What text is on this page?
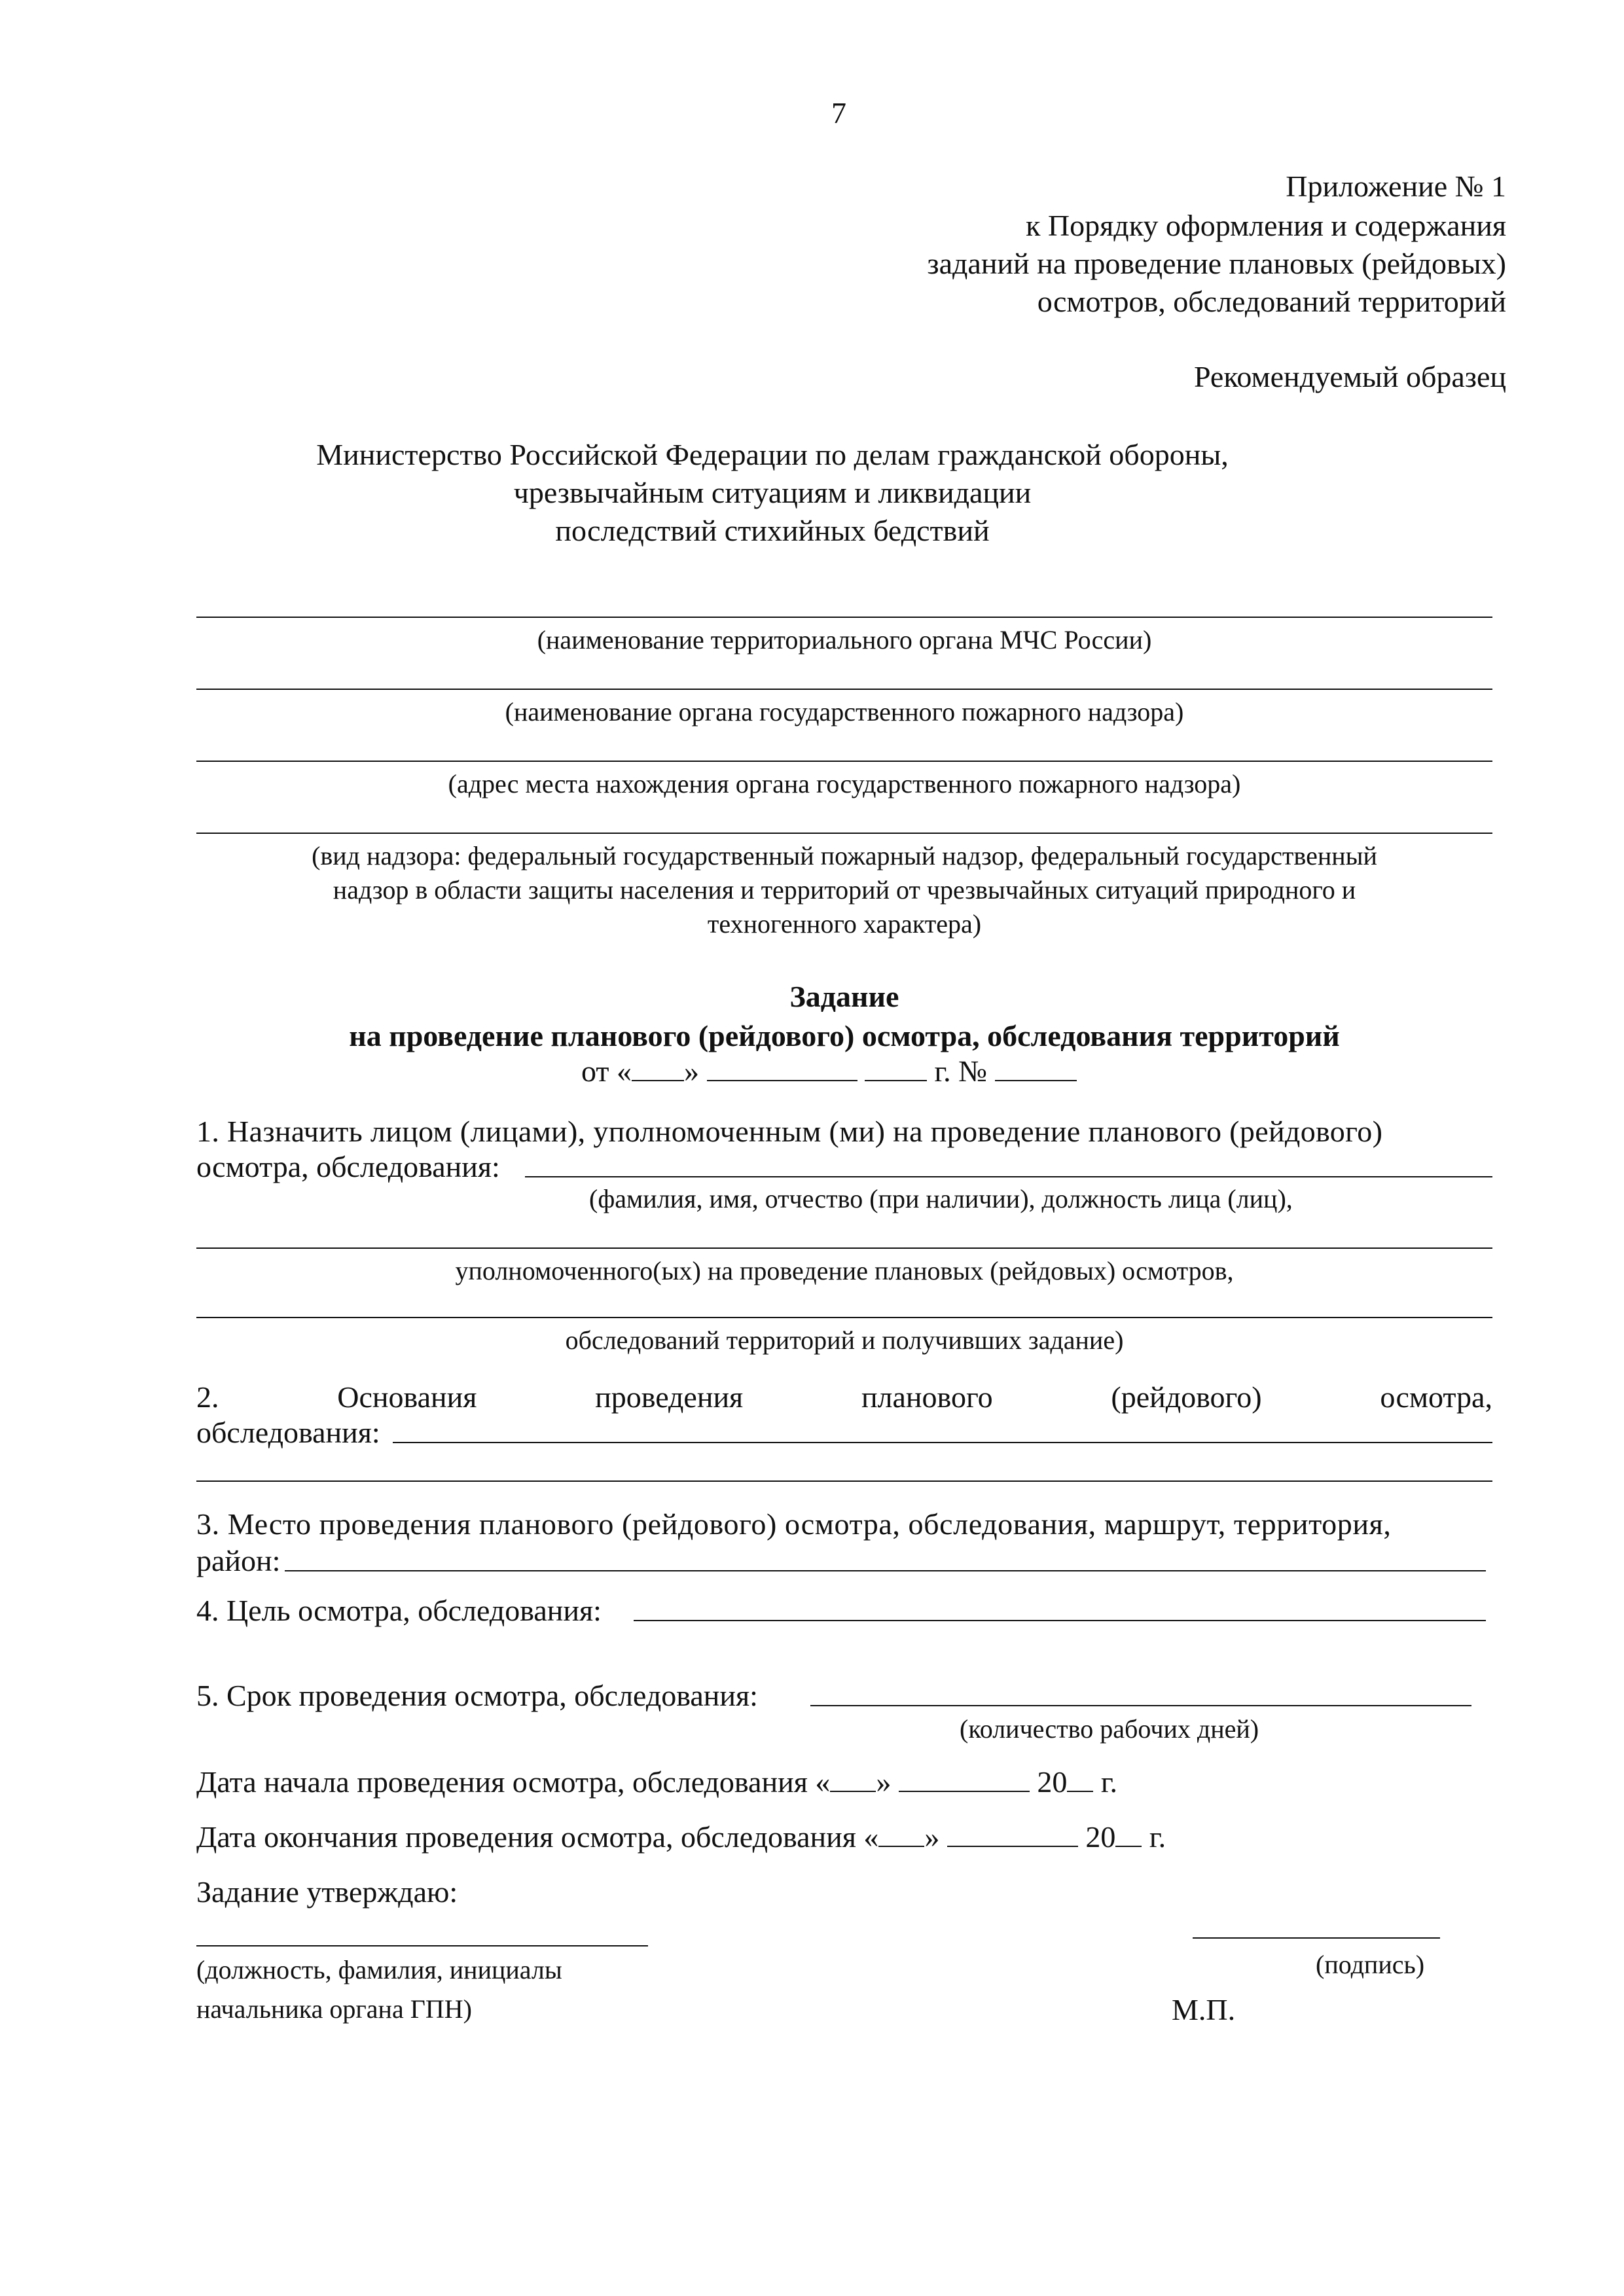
7
Приложение № 1
к Порядку оформления и содержания
заданий на проведение плановых (рейдовых)
осмотров, обследований территорий
Рекомендуемый образец
Министерство Российской Федерации по делам гражданской обороны,
чрезвычайным ситуациям и ликвидации
последствий стихийных бедствий
(наименование территориального органа МЧС России)
(наименование органа государственного пожарного надзора)
(адрес места нахождения органа государственного пожарного надзора)
(вид надзора: федеральный государственный пожарный надзор, федеральный государственный
надзор в области защиты населения и территорий от чрезвычайных ситуаций природного и
техногенного характера)
Задание
на проведение планового (рейдового) осмотра, обследования территорий
от « »	г. №
1. Назначить лицом (лицами), уполномоченным (ми) на проведение планового (рейдового)
осмотра, обследования:
(фамилия, имя, отчество (при наличии), должность лица (лиц),
уполномоченного(ых) на проведение плановых (рейдовых) осмотров,
обследований территорий и получивших задание)
2.	Основания	проведения	планового	(рейдового)	осмотра,
обследования:
3. Место проведения планового (рейдового) осмотра, обследования, маршрут, территория,
район:
4. Цель осмотра, обследования:
5. Срок проведения осмотра, обследования:
(количество рабочих дней)
Дата начала проведения осмотра, обследования « »	20 г.
Дата окончания проведения осмотра, обследования « »	20 г.
Задание утверждаю:
(должность, фамилия, инициалы
начальника органа ГПН)
(подпись)
М.П.
